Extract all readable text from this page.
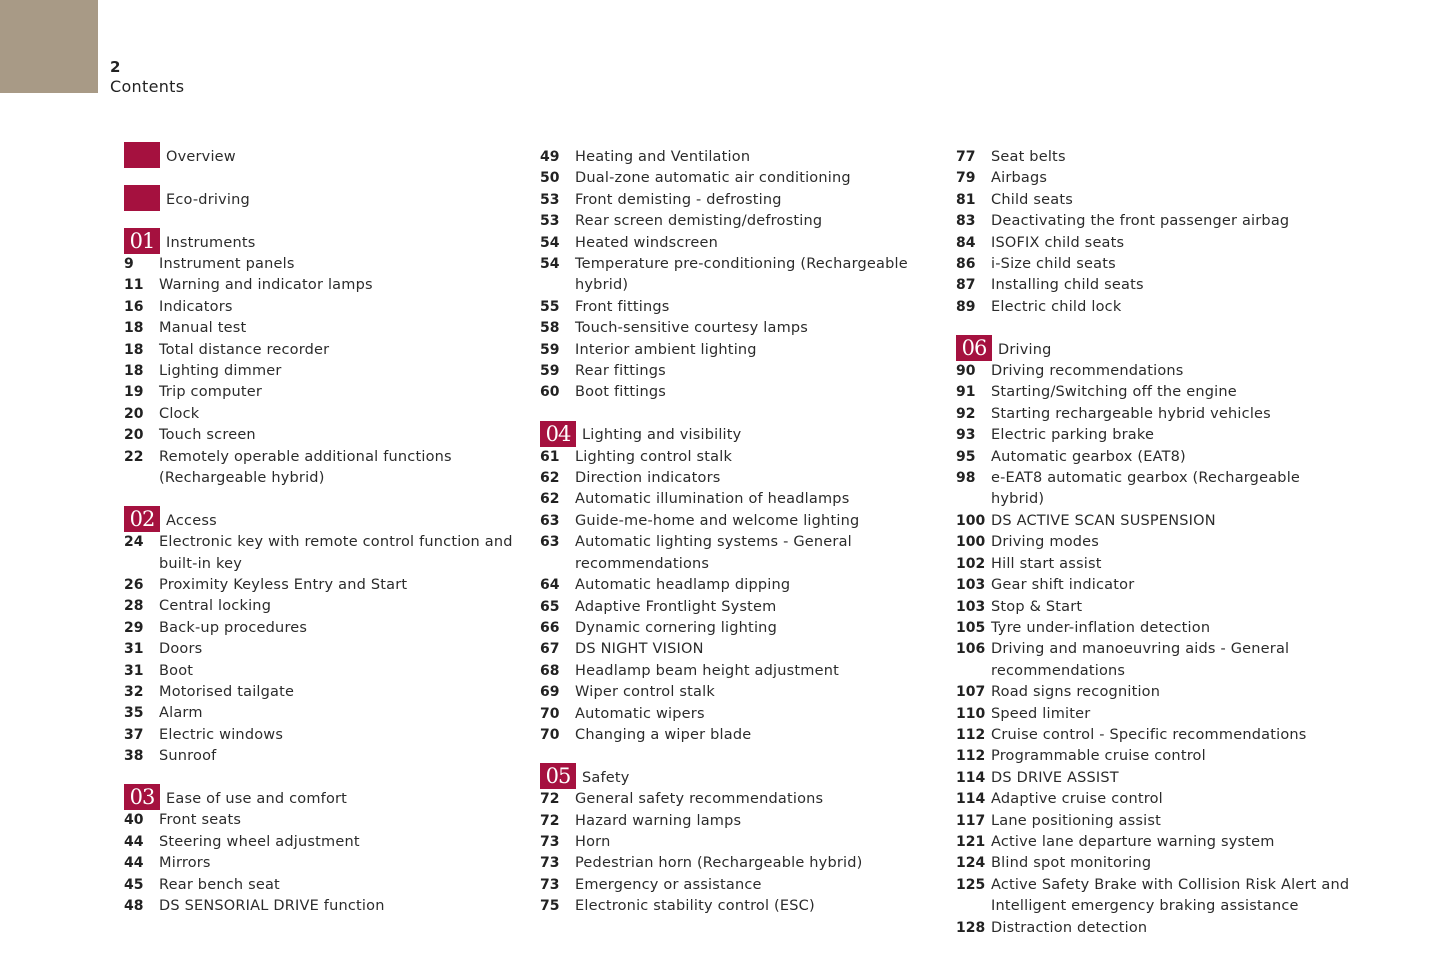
2
Contents
Overview
Eco-driving
01 Instruments
9 Instrument panels
11 Warning and indicator lamps
16 Indicators
18 Manual test
18 Total distance recorder
18 Lighting dimmer
19 Trip computer
20 Clock
20 Touch screen
22 Remotely operable additional functions (Rechargeable hybrid)
02 Access
24 Electronic key with remote control function and built-in key
26 Proximity Keyless Entry and Start
28 Central locking
29 Back-up procedures
31 Doors
31 Boot
32 Motorised tailgate
35 Alarm
37 Electric windows
38 Sunroof
03 Ease of use and comfort
40 Front seats
44 Steering wheel adjustment
44 Mirrors
45 Rear bench seat
48 DS SENSORIAL DRIVE function
49 Heating and Ventilation
50 Dual-zone automatic air conditioning
53 Front demisting - defrosting
53 Rear screen demisting/defrosting
54 Heated windscreen
54 Temperature pre-conditioning (Rechargeable hybrid)
55 Front fittings
58 Touch-sensitive courtesy lamps
59 Interior ambient lighting
59 Rear fittings
60 Boot fittings
04 Lighting and visibility
61 Lighting control stalk
62 Direction indicators
62 Automatic illumination of headlamps
63 Guide-me-home and welcome lighting
63 Automatic lighting systems - General recommendations
64 Automatic headlamp dipping
65 Adaptive Frontlight System
66 Dynamic cornering lighting
67 DS NIGHT VISION
68 Headlamp beam height adjustment
69 Wiper control stalk
70 Automatic wipers
70 Changing a wiper blade
05 Safety
72 General safety recommendations
72 Hazard warning lamps
73 Horn
73 Pedestrian horn (Rechargeable hybrid)
73 Emergency or assistance
75 Electronic stability control (ESC)
77 Seat belts
79 Airbags
81 Child seats
83 Deactivating the front passenger airbag
84 ISOFIX child seats
86 i-Size child seats
87 Installing child seats
89 Electric child lock
06 Driving
90 Driving recommendations
91 Starting/Switching off the engine
92 Starting rechargeable hybrid vehicles
93 Electric parking brake
95 Automatic gearbox (EAT8)
98 e-EAT8 automatic gearbox (Rechargeable hybrid)
100 DS ACTIVE SCAN SUSPENSION
100 Driving modes
102 Hill start assist
103 Gear shift indicator
103 Stop & Start
105 Tyre under-inflation detection
106 Driving and manoeuvring aids - General recommendations
107 Road signs recognition
110 Speed limiter
112 Cruise control - Specific recommendations
112 Programmable cruise control
114 DS DRIVE ASSIST
114 Adaptive cruise control
117 Lane positioning assist
121 Active lane departure warning system
124 Blind spot monitoring
125 Active Safety Brake with Collision Risk Alert and Intelligent emergency braking assistance
128 Distraction detection
